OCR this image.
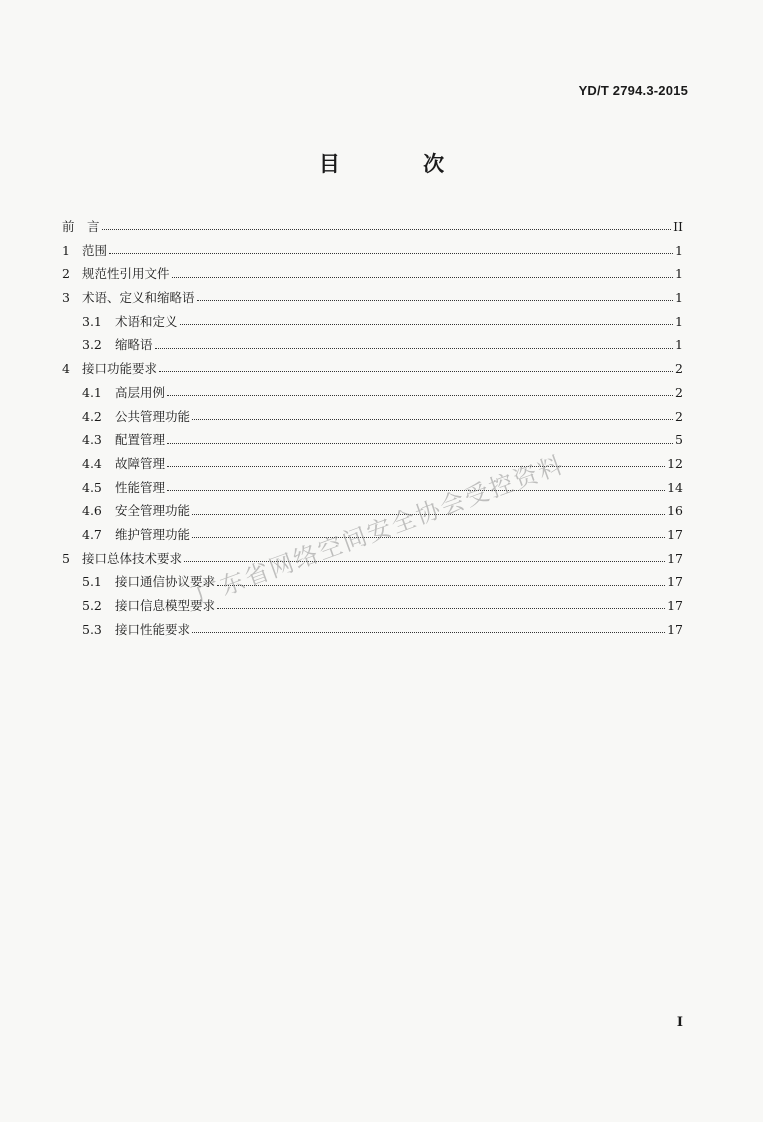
YD/T 2794.3-2015
目 次
前　言	II
1 范围	1
2 规范性引用文件	1
3 术语、定义和缩略语	1
3.1	术语和定义	1
3.2	缩略语	1
4 接口功能要求	2
4.1	高层用例	2
4.2	公共管理功能	2
4.3	配置管理	5
4.4	故障管理	12
4.5	性能管理	14
4.6	安全管理功能	16
4.7	维护管理功能	17
5 接口总体技术要求	17
5.1	接口通信协议要求	17
5.2	接口信息模型要求	17
5.3	接口性能要求	17
I
广东省网络空间安全协会受控资料
